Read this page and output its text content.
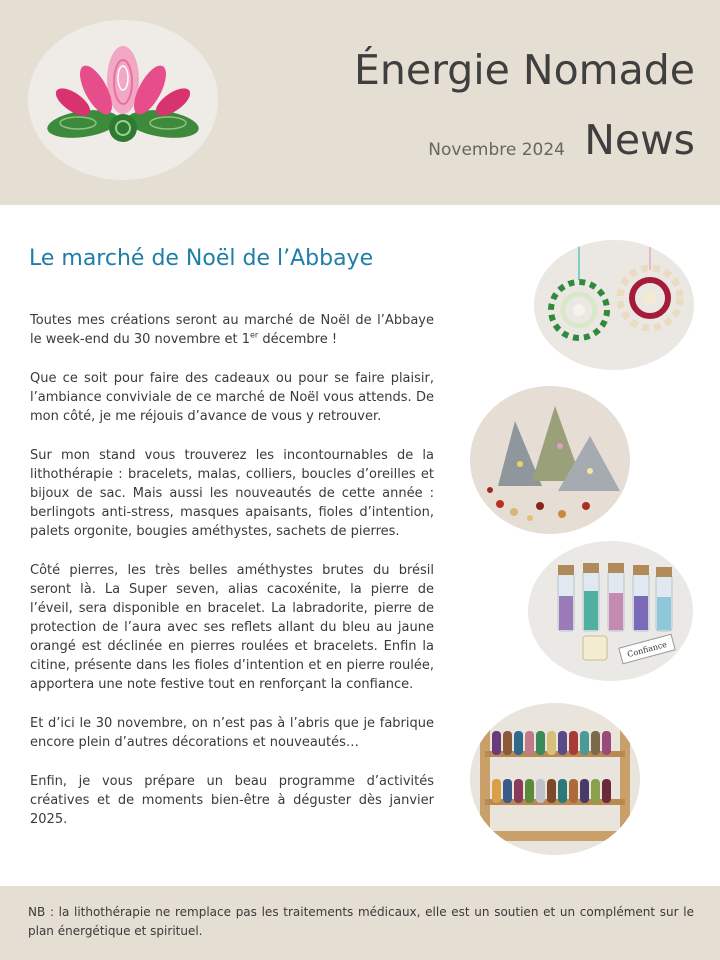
Énergie Nomade
Novembre 2024 News
Le marché de Noël de l’Abbaye

Toutes mes créations seront au marché de Noël de l’Abbaye le week-end du 30 novembre et 1er décembre !

Que ce soit pour faire des cadeaux ou pour se faire plaisir, l’ambiance conviviale de ce marché de Noël vous attends. De mon côté, je me réjouis d’avance de vous y retrouver.

Sur mon stand vous trouverez les incontournables de la lithothérapie : bracelets, malas, colliers, boucles d’oreilles et bijoux de sac. Mais aussi les nouveautés de cette année : berlingots anti-stress, masques apaisants, fioles d’intention, palets orgonite, bougies améthystes, sachets de pierres.

Côté pierres, les très belles améthystes brutes du brésil seront là. La Super seven, alias cacoxénite, la pierre de l’éveil, sera disponible en bracelet. La labradorite, pierre de protection de l’aura avec ses reflets allant du bleu au jaune orangé est déclinée en pierres roulées et bracelets. Enfin la citine, présente dans les fioles d’intention et en pierre roulée, apportera une note festive tout en renforçant la confiance.

Et d’ici le 30 novembre, on n’est pas à l’abris que je fabrique encore plein d’autres décorations et nouveautés…

Enfin, je vous prépare un beau programme d’activités créatives et de moments bien-être à déguster dès janvier 2025.

Confiance

NB : la lithothérapie ne remplace pas les traitements médicaux, elle est un soutien et un complément sur le plan énergétique et spirituel.
